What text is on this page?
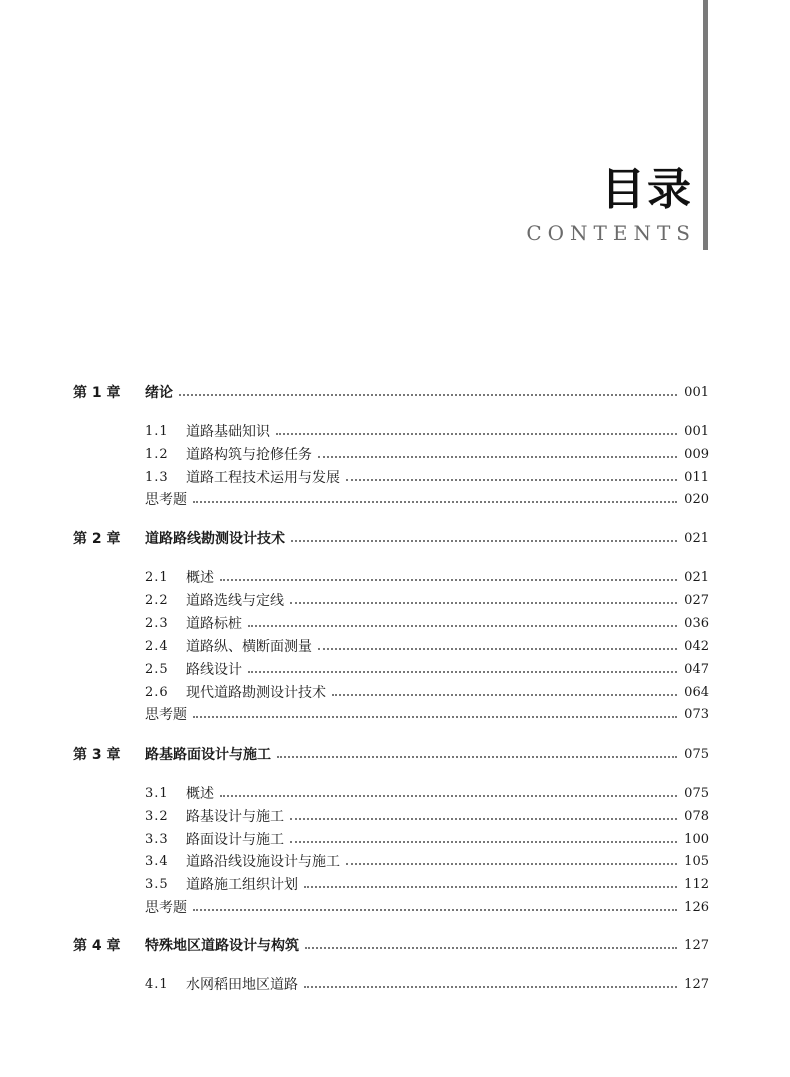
目录
CONTENTS
第 1 章 绪论	001
1.1 道路基础知识	001
1.2 道路构筑与抢修任务	009
1.3 道路工程技术运用与发展	011
思考题	020
第 2 章 道路路线勘测设计技术	021
2.1 概述	021
2.2 道路选线与定线	027
2.3 道路标桩	036
2.4 道路纵、横断面测量	042
2.5 路线设计	047
2.6 现代道路勘测设计技术	064
思考题	073
第 3 章 路基路面设计与施工	075
3.1 概述	075
3.2 路基设计与施工	078
3.3 路面设计与施工	100
3.4 道路沿线设施设计与施工	105
3.5 道路施工组织计划	112
思考题	126
第 4 章 特殊地区道路设计与构筑	127
4.1 水网稻田地区道路	127
